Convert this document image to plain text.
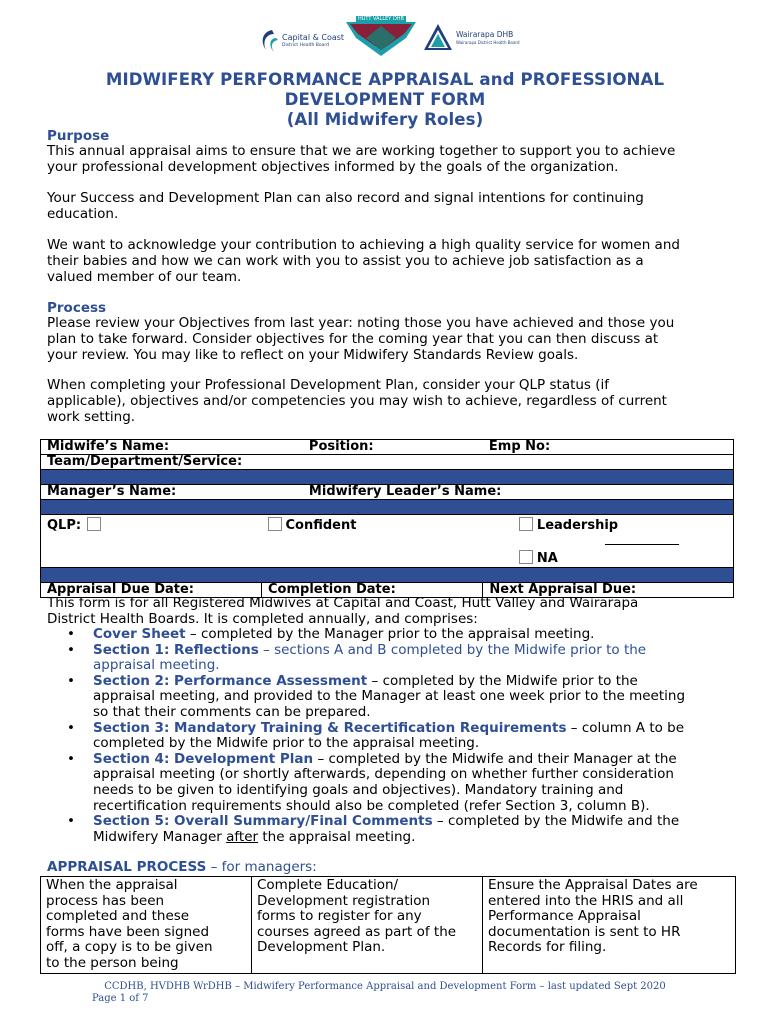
Capital & Coast
District Health Board
HUTT VALLEY DHB
Wairarapa DHB
Wairarapa District Health Board
MIDWIFERY PERFORMANCE APPRAISAL and PROFESSIONAL
DEVELOPMENT FORM
(All Midwifery Roles)
Purpose
This annual appraisal aims to ensure that we are working together to support you to achieve
your professional development objectives informed by the goals of the organization.
Your Success and Development Plan can also record and signal intentions for continuing
education.
We want to acknowledge your contribution to achieving a high quality service for women and
their babies and how we can work with you to assist you to achieve job satisfaction as a
valued member of our team.
Process
Please review your Objectives from last year: noting those you have achieved and those you
plan to take forward. Consider objectives for the coming year that you can then discuss at
your review. You may like to reflect on your Midwifery Standards Review goals.
When completing your Professional Development Plan, consider your QLP status (if
applicable), objectives and/or competencies you may wish to achieve, regardless of current
work setting.
Midwife’s Name:		Position:	Emp No:
Team/Department/Service:			

Manager’s Name:		Midwifery Leader’s Name:	

QLP:	Confident		Leadership
NA

Appraisal Due Date:	Completion Date:		Next Appraisal Due:
This form is for all Registered Midwives at Capital and Coast, Hutt Valley and Wairarapa
District Health Boards. It is completed annually, and comprises:
• Cover Sheet – completed by the Manager prior to the appraisal meeting.
• Section 1: Reflections – sections A and B completed by the Midwife prior to the
appraisal meeting.
• Section 2: Performance Assessment – completed by the Midwife prior to the
appraisal meeting, and provided to the Manager at least one week prior to the meeting
so that their comments can be prepared.
• Section 3: Mandatory Training & Recertification Requirements – column A to be
completed by the Midwife prior to the appraisal meeting.
• Section 4: Development Plan – completed by the Midwife and their Manager at the
appraisal meeting (or shortly afterwards, depending on whether further consideration
needs to be given to identifying goals and objectives). Mandatory training and
recertification requirements should also be completed (refer Section 3, column B).
• Section 5: Overall Summary/Final Comments – completed by the Midwife and the
Midwifery Manager after the appraisal meeting.
APPRAISAL PROCESS – for managers:
When the appraisal
process has been
completed and these
forms have been signed
off, a copy is to be given
to the person being

Complete Education/
Development registration
forms to register for any
courses agreed as part of the
Development Plan.

Ensure the Appraisal Dates are
entered into the HRIS and all
Performance Appraisal
documentation is sent to HR
Records for filing.
CCDHB, HVDHB WrDHB – Midwifery Performance Appraisal and Development Form – last updated Sept 2020
Page 1 of 7
